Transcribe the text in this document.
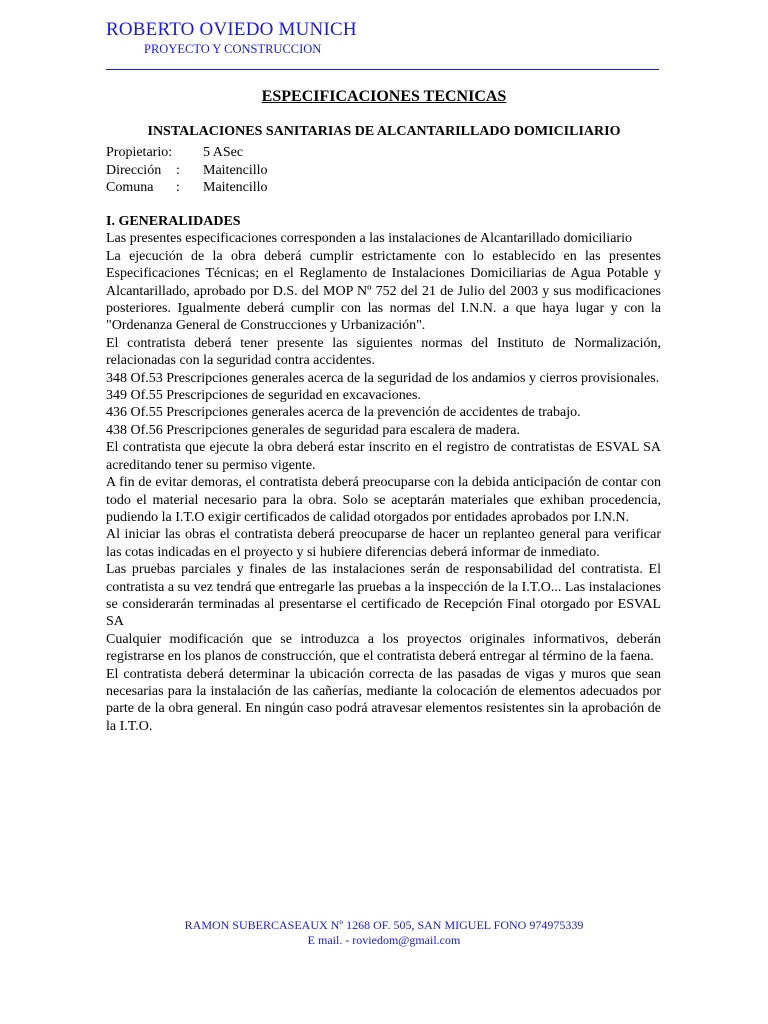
ROBERTO OVIEDO MUNICH
PROYECTO Y CONSTRUCCION
ESPECIFICACIONES TECNICAS
INSTALACIONES SANITARIAS DE ALCANTARILLADO DOMICILIARIO
Propietario: 5 ASec
Dirección	:	Maitencillo
Comuna	:	Maitencillo
I. GENERALIDADES

Las presentes especificaciones corresponden a las instalaciones de Alcantarillado domiciliario

La ejecución de la obra deberá cumplir estrictamente con lo establecido en las presentes Especificaciones Técnicas; en el Reglamento de Instalaciones Domiciliarias de Agua Potable y Alcantarillado, aprobado por D.S. del MOP Nº 752 del 21 de Julio del 2003 y sus modificaciones posteriores. Igualmente deberá cumplir con las normas del I.N.N. a que haya lugar y con la "Ordenanza General de Construcciones y Urbanización".

El contratista deberá tener presente las siguientes normas del Instituto de Normalización, relacionadas con la seguridad contra accidentes.

348 Of.53 Prescripciones generales acerca de la seguridad de los andamios y cierros provisionales.

349 Of.55 Prescripciones de seguridad en excavaciones.

436 Of.55 Prescripciones generales acerca de la prevención de accidentes de trabajo.

438 Of.56 Prescripciones generales de seguridad para escalera de madera.

El contratista que ejecute la obra deberá estar inscrito en el registro de contratistas de ESVAL SA acreditando tener su permiso vigente.

A fin de evitar demoras, el contratista deberá preocuparse con la debida anticipación de contar con todo el material necesario para la obra. Solo se aceptarán materiales que exhiban procedencia, pudiendo la I.T.O exigir certificados de calidad otorgados por entidades aprobados por I.N.N.

Al iniciar las obras el contratista deberá preocuparse de hacer un replanteo general para verificar las cotas indicadas en el proyecto y si hubiere diferencias deberá informar de inmediato.

Las pruebas parciales y finales de las instalaciones serán de responsabilidad del contratista. El contratista a su vez tendrá que entregarle las pruebas a la inspección de la I.T.O... Las instalaciones se considerarán terminadas al presentarse el certificado de Recepción Final otorgado por ESVAL SA

Cualquier modificación que se introduzca a los proyectos originales informativos, deberán registrarse en los planos de construcción, que el contratista deberá entregar al término de la faena.

El contratista deberá determinar la ubicación correcta de las pasadas de vigas y muros que sean necesarias para la instalación de las cañerías, mediante la colocación de elementos adecuados por parte de la obra general. En ningún caso podrá atravesar elementos resistentes sin la aprobación de la I.T.O.

RAMON SUBERCASEAUX Nº 1268 OF. 505, SAN MIGUEL FONO 974975339
E mail. - roviedom@gmail.com
